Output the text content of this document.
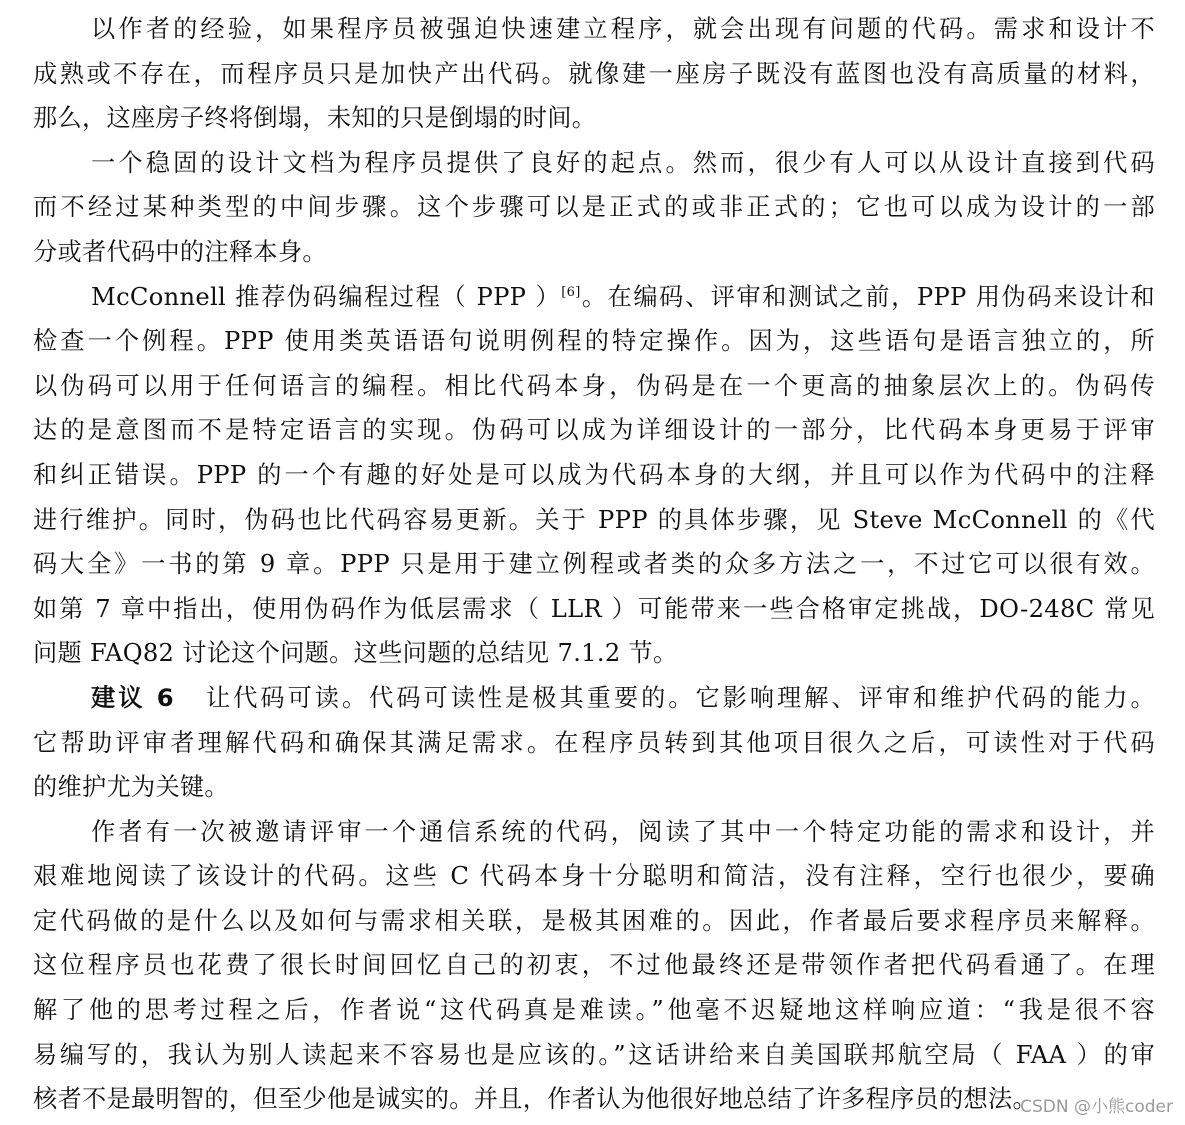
以作者的经验，如果程序员被强迫快速建立程序，就会出现有问题的代码。需求和设计不
成熟或不存在，而程序员只是加快产出代码。就像建一座房子既没有蓝图也没有高质量的材料，
那么，这座房子终将倒塌，未知的只是倒塌的时间。
一个稳固的设计文档为程序员提供了良好的起点。然而，很少有人可以从设计直接到代码
而不经过某种类型的中间步骤。这个步骤可以是正式的或非正式的；它也可以成为设计的一部
分或者代码中的注释本身。
McConnell 推荐伪码编程过程（ PPP ）[6]。在编码、评审和测试之前，PPP 用伪码来设计和
检查一个例程。PPP 使用类英语语句说明例程的特定操作。因为，这些语句是语言独立的，所
以伪码可以用于任何语言的编程。相比代码本身，伪码是在一个更高的抽象层次上的。伪码传
达的是意图而不是特定语言的实现。伪码可以成为详细设计的一部分，比代码本身更易于评审
和纠正错误。PPP 的一个有趣的好处是可以成为代码本身的大纲，并且可以作为代码中的注释
进行维护。同时，伪码也比代码容易更新。关于 PPP 的具体步骤，见 Steve McConnell 的《代
码大全》一书的第 9 章。PPP 只是用于建立例程或者类的众多方法之一，不过它可以很有效。
如第 7 章中指出，使用伪码作为低层需求（ LLR ）可能带来一些合格审定挑战，DO-248C 常见
问题 FAQ82 讨论这个问题。这些问题的总结见 7.1.2 节。
建议 6 让代码可读。代码可读性是极其重要的。它影响理解、评审和维护代码的能力。
它帮助评审者理解代码和确保其满足需求。在程序员转到其他项目很久之后，可读性对于代码
的维护尤为关键。
作者有一次被邀请评审一个通信系统的代码，阅读了其中一个特定功能的需求和设计，并
艰难地阅读了该设计的代码。这些 C 代码本身十分聪明和简洁，没有注释，空行也很少，要确
定代码做的是什么以及如何与需求相关联，是极其困难的。因此，作者最后要求程序员来解释。
这位程序员也花费了很长时间回忆自己的初衷，不过他最终还是带领作者把代码看通了。在理
解了他的思考过程之后，作者说“这代码真是难读。”他毫不迟疑地这样响应道：“我是很不容
易编写的，我认为别人读起来不容易也是应该的。”这话讲给来自美国联邦航空局（ FAA ）的审
核者不是最明智的，但至少他是诚实的。并且，作者认为他很好地总结了许多程序员的想法。
CSDN @小熊coder
